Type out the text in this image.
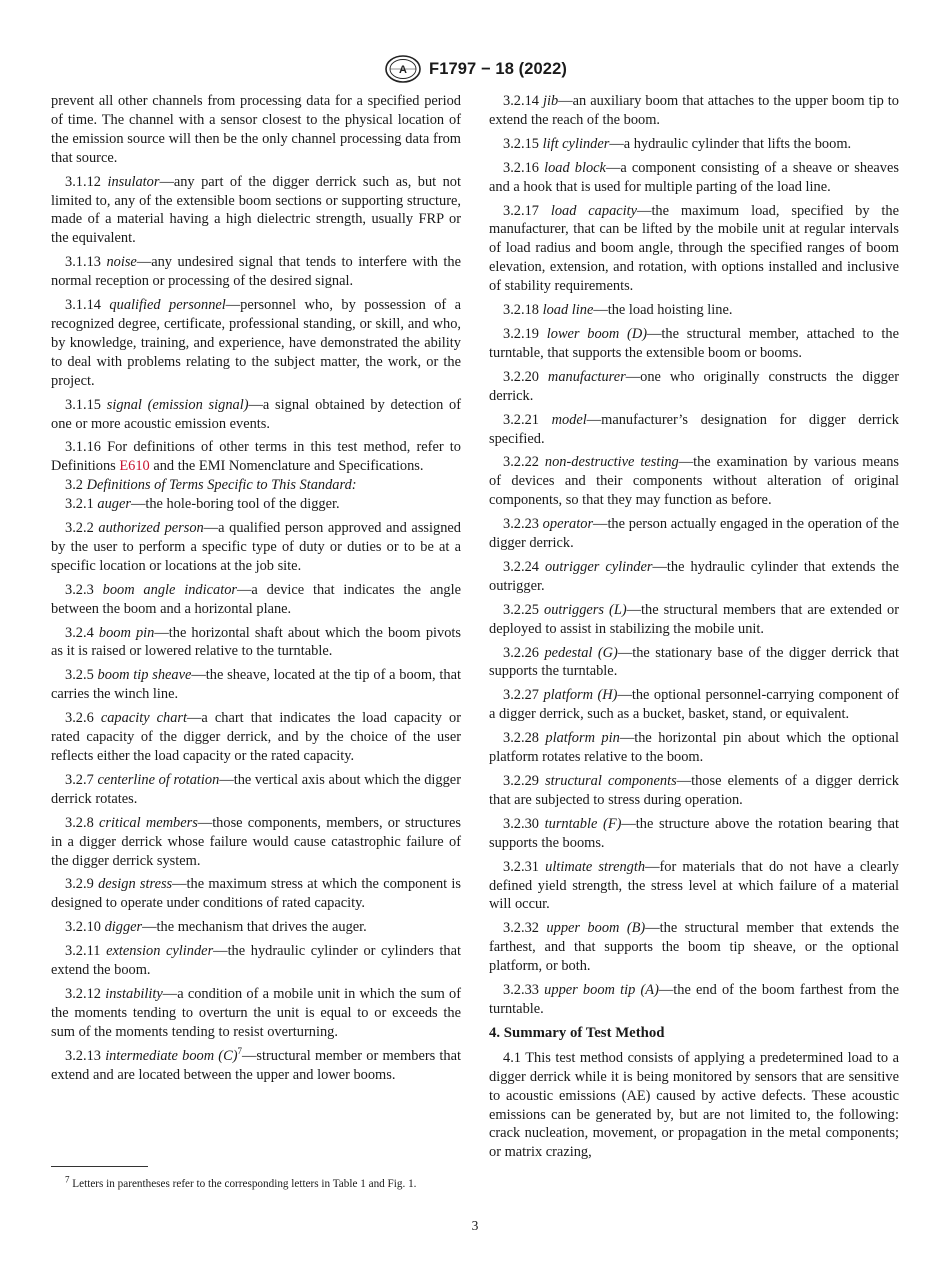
A F1797 − 18 (2022)

prevent all other channels from processing data for a specified period of time. The channel with a sensor closest to the physical location of the emission source will then be the only channel processing data from that source.

3.1.12 insulator—any part of the digger derrick such as, but not limited to, any of the extensible boom sections or supporting structure, made of a material having a high dielectric strength, usually FRP or the equivalent.

3.1.13 noise—any undesired signal that tends to interfere with the normal reception or processing of the desired signal.

3.1.14 qualified personnel—personnel who, by possession of a recognized degree, certificate, professional standing, or skill, and who, by knowledge, training, and experience, have demonstrated the ability to deal with problems relating to the subject matter, the work, or the project.

3.1.15 signal (emission signal)—a signal obtained by detection of one or more acoustic emission events.

3.1.16 For definitions of other terms in this test method, refer to Definitions E610 and the EMI Nomenclature and Specifications.

3.2 Definitions of Terms Specific to This Standard:

3.2.1 auger—the hole-boring tool of the digger.

3.2.2 authorized person—a qualified person approved and assigned by the user to perform a specific type of duty or duties or to be at a specific location or locations at the job site.

3.2.3 boom angle indicator—a device that indicates the angle between the boom and a horizontal plane.

3.2.4 boom pin—the horizontal shaft about which the boom pivots as it is raised or lowered relative to the turntable.

3.2.5 boom tip sheave—the sheave, located at the tip of a boom, that carries the winch line.

3.2.6 capacity chart—a chart that indicates the load capacity or rated capacity of the digger derrick, and by the choice of the user reflects either the load capacity or the rated capacity.

3.2.7 centerline of rotation—the vertical axis about which the digger derrick rotates.

3.2.8 critical members—those components, members, or structures in a digger derrick whose failure would cause catastrophic failure of the digger derrick system.

3.2.9 design stress—the maximum stress at which the component is designed to operate under conditions of rated capacity.

3.2.10 digger—the mechanism that drives the auger.

3.2.11 extension cylinder—the hydraulic cylinder or cylinders that extend the boom.

3.2.12 instability—a condition of a mobile unit in which the sum of the moments tending to overturn the unit is equal to or exceeds the sum of the moments tending to resist overturning.

3.2.13 intermediate boom $(C)^7—structural$ member or members that extend and are located between the upper and lower booms.

3.2.14 jib—an auxiliary boom that attaches to the upper boom tip to extend the reach of the boom.

3.2.15 lift cylinder—a hydraulic cylinder that lifts the boom.

3.2.16 load block—a component consisting of a sheave or sheaves and a hook that is used for multiple parting of the load line.

3.2.17 load capacity—the maximum load, specified by the manufacturer, that can be lifted by the mobile unit at regular intervals of load radius and boom angle, through the specified ranges of boom elevation, extension, and rotation, with options installed and inclusive of stability requirements.

3.2.18 load line—the load hoisting line.

3.2.19 lower boom (D)—the structural member, attached to the turntable, that supports the extensible boom or booms.

3.2.20 manufacturer—one who originally constructs the digger derrick.

3.2.21 model—manufacturer’s designation for digger derrick specified.

3.2.22 non-destructive testing—the examination by various means of devices and their components without alteration of original components, so that they may function as before.

3.2.23 operator—the person actually engaged in the operation of the digger derrick.

3.2.24 outrigger cylinder—the hydraulic cylinder that extends the outrigger.

3.2.25 outriggers (L)—the structural members that are extended or deployed to assist in stabilizing the mobile unit.

3.2.26 pedestal (G)—the stationary base of the digger derrick that supports the turntable.

3.2.27 platform (H)—the optional personnel-carrying component of a digger derrick, such as a bucket, basket, stand, or equivalent.

3.2.28 platform pin—the horizontal pin about which the optional platform rotates relative to the boom.

3.2.29 structural components—those elements of a digger derrick that are subjected to stress during operation.

3.2.30 turntable (F)—the structure above the rotation bearing that supports the booms.

3.2.31 ultimate strength—for materials that do not have a clearly defined yield strength, the stress level at which failure of a material will occur.

3.2.32 upper boom (B)—the structural member that extends the farthest, and that supports the boom tip sheave, or the optional platform, or both.

3.2.33 upper boom tip (A)—the end of the boom farthest from the turntable.

4. Summary of Test Method

4.1 This test method consists of applying a predetermined load to a digger derrick while it is being monitored by sensors that are sensitive to acoustic emissions (AE) caused by active defects. These acoustic emissions can be generated by, but are not limited to, the following: crack nucleation, movement, or propagation in the metal components; or matrix crazing,

$^7$ Letters in parentheses refer to the corresponding letters in Table 1 and Fig. 1.
3
